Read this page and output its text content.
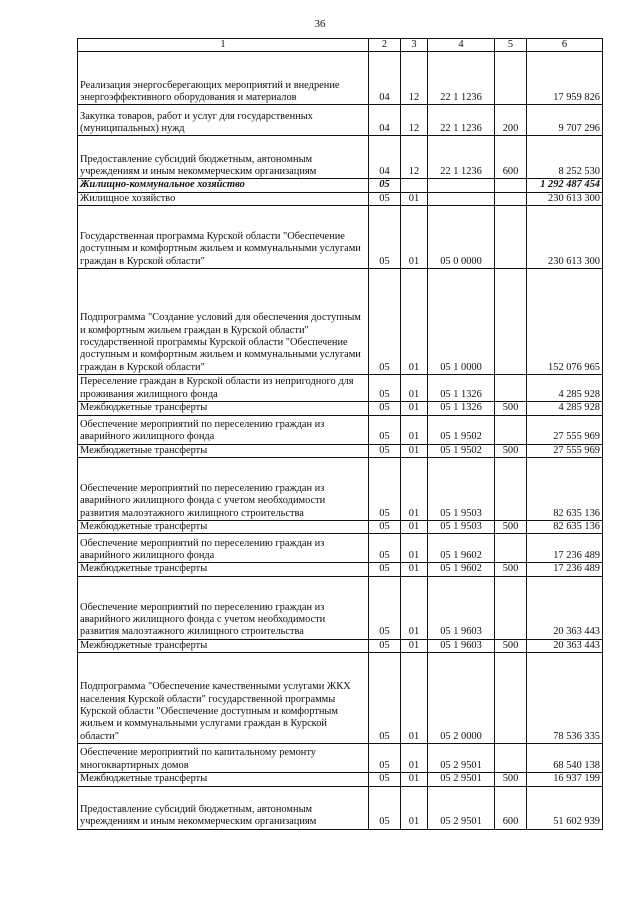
36
1	2	3	4	5	6
Реализация энергосберегающих мероприятий и внедрение энергоэффективного оборудования и материалов	04	12	22 1 1236		17 959 826
Закупка товаров, работ и услуг для государственных (муниципальных) нужд	04	12	22 1 1236	200	9 707 296
Предоставление субсидий бюджетным, автономным учреждениям и иным некоммерческим организациям	04	12	22 1 1236	600	8 252 530
Жилищно-коммунальное хозяйство	05				1 292 487 454
Жилищное хозяйство	05	01			230 613 300
Государственная программа Курской области "Обеспечение доступным и комфортным жильем и коммунальными услугами граждан в Курской области"	05	01	05 0 0000		230 613 300
Подпрограмма "Создание условий для обеспечения доступным и комфортным жильем граждан в Курской области" государственной программы Курской области "Обеспечение доступным и комфортным жильем и коммунальными услугами граждан в Курской области"	05	01	05 1 0000		152 076 965
Переселение граждан в Курской области из непригодного для проживания жилищного фонда	05	01	05 1 1326		4 285 928
Межбюджетные трансферты	05	01	05 1 1326	500	4 285 928
Обеспечение мероприятий по переселению граждан из аварийного жилищного фонда	05	01	05 1 9502		27 555 969
Межбюджетные трансферты	05	01	05 1 9502	500	27 555 969
Обеспечение мероприятий по переселению граждан из аварийного жилищного фонда с учетом необходимости развития малоэтажного жилищного строительства	05	01	05 1 9503		82 635 136
Межбюджетные трансферты	05	01	05 1 9503	500	82 635 136
Обеспечение мероприятий по переселению граждан из аварийного жилищного фонда	05	01	05 1 9602		17 236 489
Межбюджетные трансферты	05	01	05 1 9602	500	17 236 489
Обеспечение мероприятий по переселению граждан из аварийного жилищного фонда с учетом необходимости развития малоэтажного жилищного строительства	05	01	05 1 9603		20 363 443
Межбюджетные трансферты	05	01	05 1 9603	500	20 363 443
Подпрограмма "Обеспечение качественными услугами ЖКХ населения Курской области" государственной программы Курской области "Обеспечение доступным и комфортным жильем и коммунальными услугами граждан в Курской области"	05	01	05 2 0000		78 536 335
Обеспечение мероприятий по капитальному ремонту многоквартирных домов	05	01	05 2 9501		68 540 138
Межбюджетные трансферты	05	01	05 2 9501	500	16 937 199
Предоставление субсидий бюджетным, автономным учреждениям и иным некоммерческим организациям	05	01	05 2 9501	600	51 602 939
